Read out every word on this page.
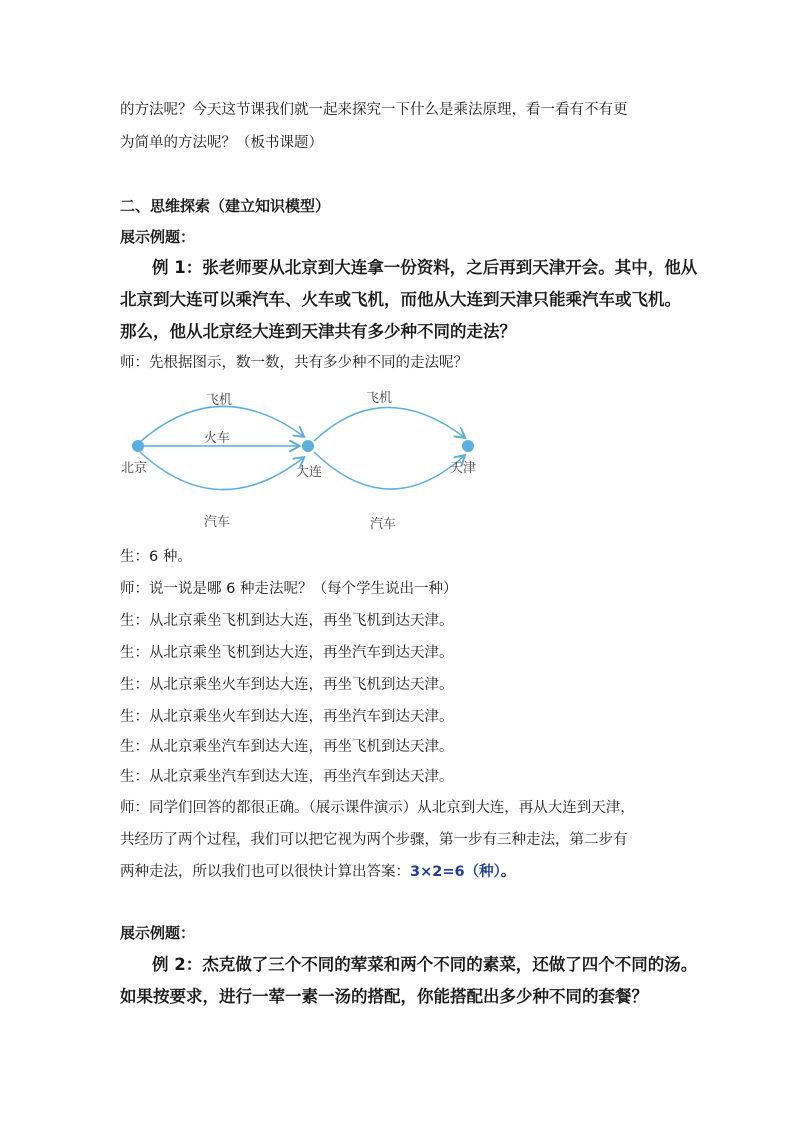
的方法呢？今天这节课我们就一起来探究一下什么是乘法原理，看一看有不有更
为简单的方法呢？（板书课题）
二、思维探索（建立知识模型）
展示例题：
例 1：张老师要从北京到大连拿一份资料，之后再到天津开会。其中，他从
北京到大连可以乘汽车、火车或飞机，而他从大连到天津只能乘汽车或飞机。
那么，他从北京经大连到天津共有多少种不同的走法？
师：先根据图示，数一数，共有多少种不同的走法呢？
北京	大连	天津
飞机
火车
汽车
飞机
汽车
生：6 种。
师：说一说是哪 6 种走法呢？（每个学生说出一种）
生：从北京乘坐飞机到达大连，再坐飞机到达天津。
生：从北京乘坐飞机到达大连，再坐汽车到达天津。
生：从北京乘坐火车到达大连，再坐飞机到达天津。
生：从北京乘坐火车到达大连，再坐汽车到达天津。
生：从北京乘坐汽车到达大连，再坐飞机到达天津。
生：从北京乘坐汽车到达大连，再坐汽车到达天津。
师：同学们回答的都很正确。（展示课件演示）从北京到大连，再从大连到天津，
共经历了两个过程，我们可以把它视为两个步骤，第一步有三种走法，第二步有
两种走法，所以我们也可以很快计算出答案：3×2=6（种）。
展示例题：
例 2：杰克做了三个不同的荤菜和两个不同的素菜，还做了四个不同的汤。
如果按要求，进行一荤一素一汤的搭配，你能搭配出多少种不同的套餐？
